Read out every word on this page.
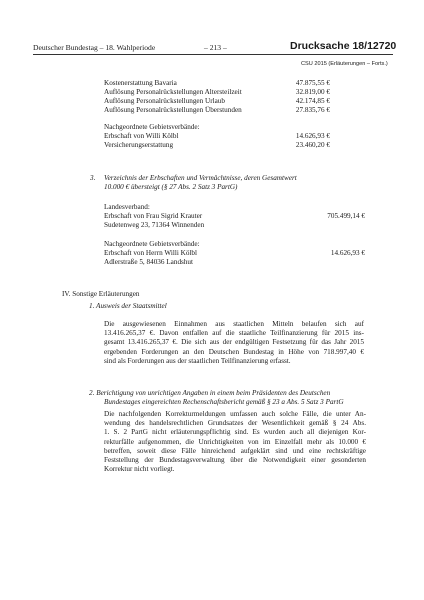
Deutscher Bundestag – 18. Wahlperiode	– 213 –	Drucksache 18/12720
CSU 2015 (Erläuterungen – Forts.)
Kostenerstattung Bavaria	47.875,55 €
Auflösung Personalrückstellungen Altersteilzeit	32.819,00 €
Auflösung Personalrückstellungen Urlaub	42.174,85 €
Auflösung Personalrückstellungen Überstunden	27.835,76 €
Nachgeordnete Gebietsverbände:
Erbschaft von Willi Kölbl	14.626,93 €
Versicherungserstattung	23.460,20 €
3. Verzeichnis der Erbschaften und Vermächtnisse, deren Gesamtwert
10.000 € übersteigt (§ 27 Abs. 2 Satz 3 PartG)
Landesverband:
Erbschaft von Frau Sigrid Krauter	705.499,14 €
Sudetenweg 23, 71364 Winnenden
Nachgeordnete Gebietsverbände:
Erbschaft von Herrn Willi Kölbl	14.626,93 €
Adlerstraße 5, 84036 Landshut
IV. Sonstige Erläuterungen
1. Ausweis der Staatsmittel
Die ausgewiesenen Einnahmen aus staatlichen Mitteln belaufen sich auf
13.416.265,37 €. Davon entfallen auf die staatliche Teilfinanzierung für 2015 ins-
gesamt 13.416.265,37 €. Die sich aus der endgültigen Festsetzung für das Jahr 2015
ergebenden Forderungen an den Deutschen Bundestag in Höhe von 718.997,40 €
sind als Forderungen aus der staatlichen Teilfinanzierung erfasst.
2. Berichtigung von unrichtigen Angaben in einem beim Präsidenten des Deutschen
Bundestages eingereichten Rechenschaftsbericht gemäß § 23 a Abs. 5 Satz 3 PartG
Die nachfolgenden Korrekturmeldungen umfassen auch solche Fälle, die unter An-
wendung des handelsrechtlichen Grundsatzes der Wesentlichkeit gemäß § 24 Abs.
1. S. 2 PartG nicht erläuterungspflichtig sind. Es wurden auch all diejenigen Kor-
rekturfälle aufgenommen, die Unrichtigkeiten von im Einzelfall mehr als 10.000 €
betreffen, soweit diese Fälle hinreichend aufgeklärt sind und eine rechtskräftige
Feststellung der Bundestagsverwaltung über die Notwendigkeit einer gesonderten
Korrektur nicht vorliegt.
